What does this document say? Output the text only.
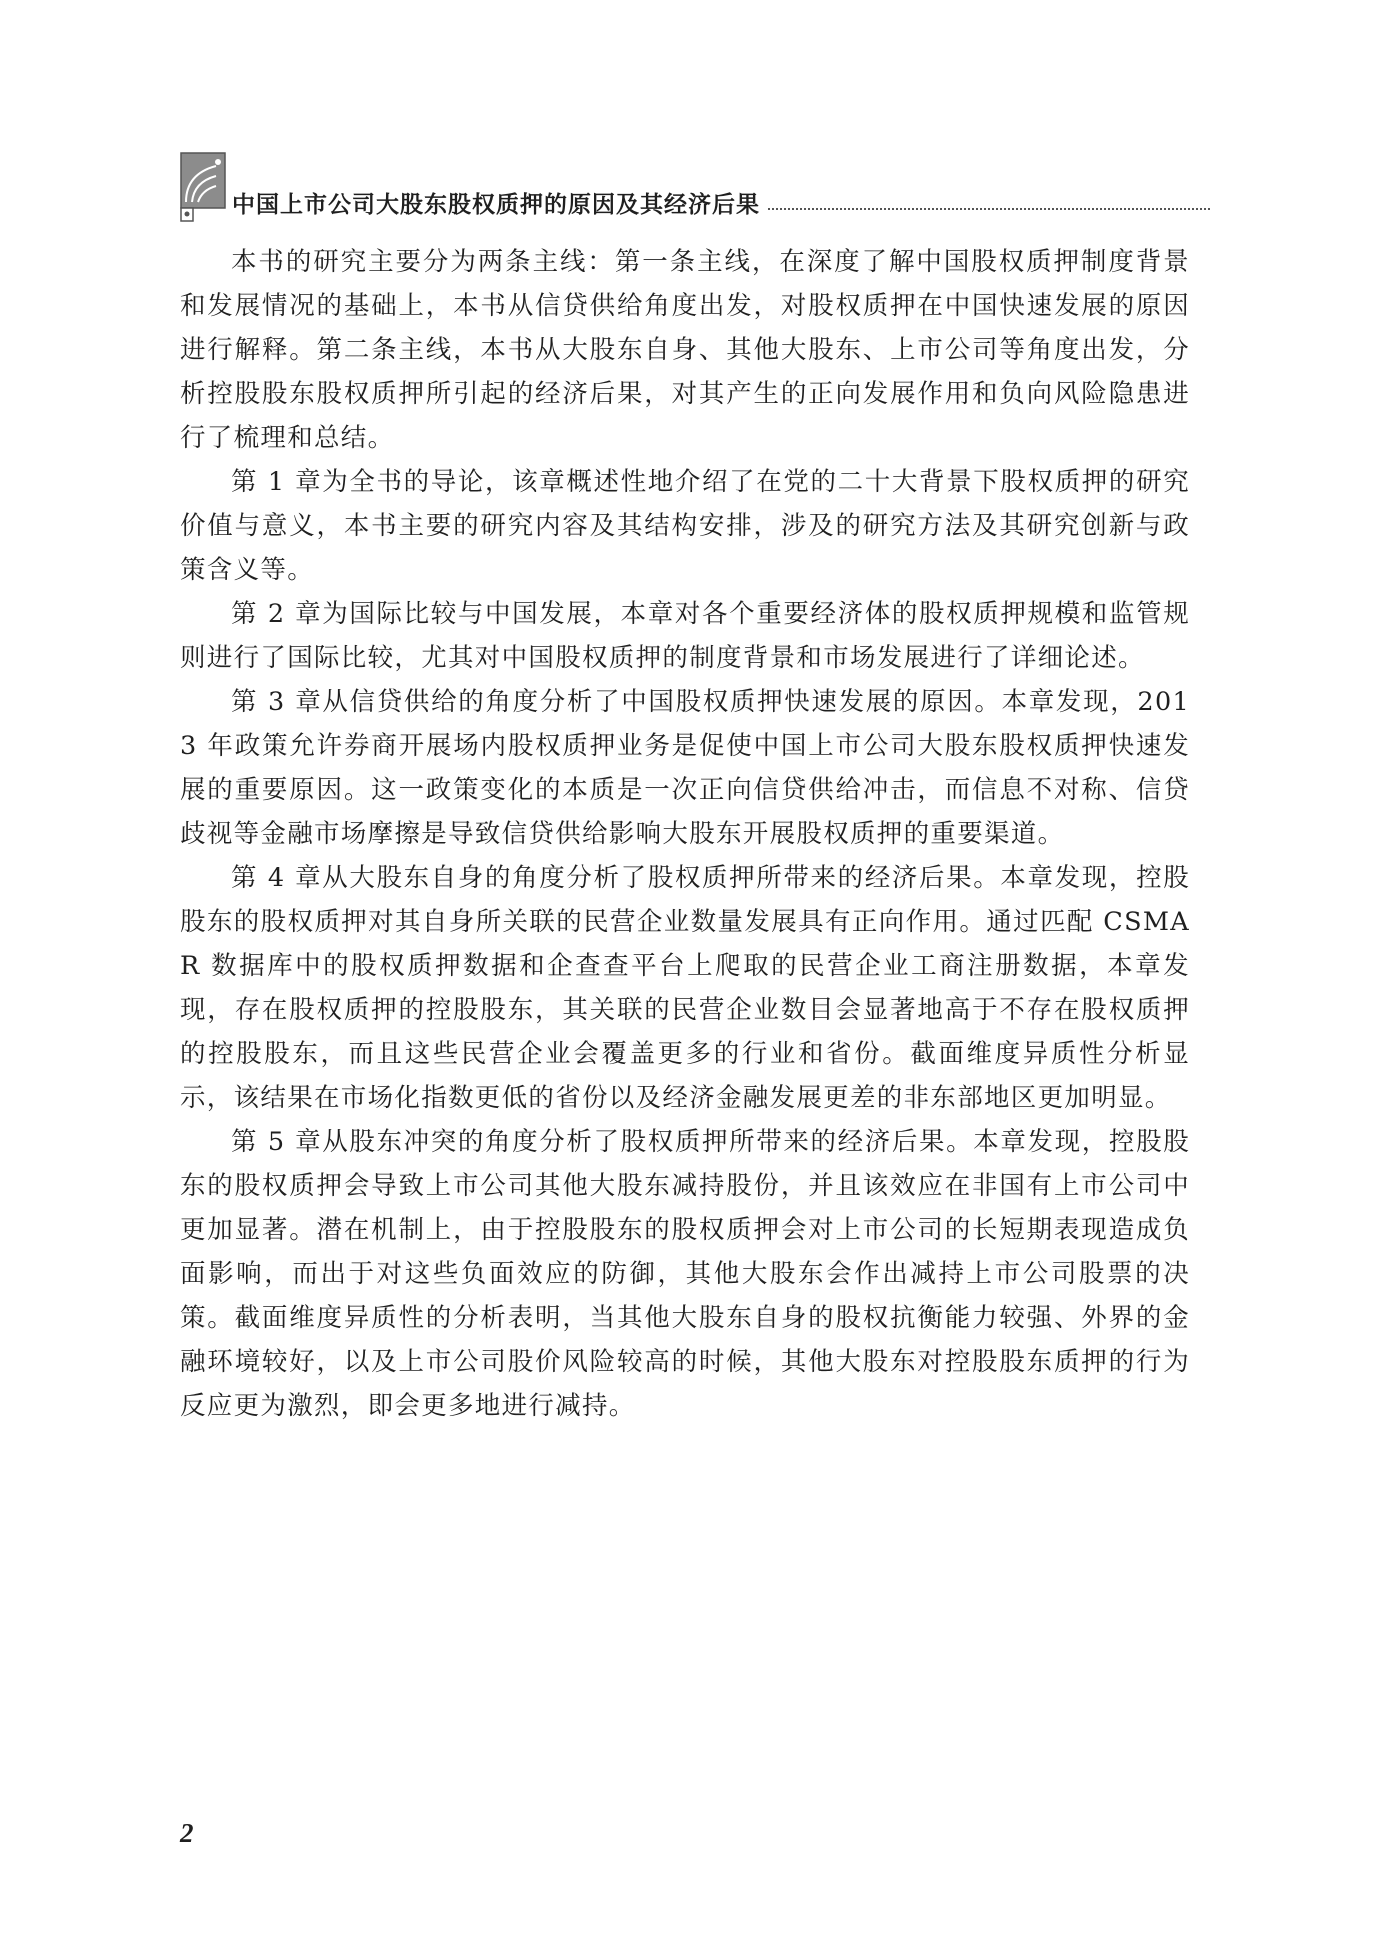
中国上市公司大股东股权质押的原因及其经济后果

本书的研究主要分为两条主线：第一条主线，在深度了解中国股权质押制度背景和发展情况的基础上，本书从信贷供给角度出发，对股权质押在中国快速发展的原因进行解释。第二条主线，本书从大股东自身、其他大股东、上市公司等角度出发，分析控股股东股权质押所引起的经济后果，对其产生的正向发展作用和负向风险隐患进行了梳理和总结。

第 1 章为全书的导论，该章概述性地介绍了在党的二十大背景下股权质押的研究价值与意义，本书主要的研究内容及其结构安排，涉及的研究方法及其研究创新与政策含义等。

第 2 章为国际比较与中国发展，本章对各个重要经济体的股权质押规模和监管规则进行了国际比较，尤其对中国股权质押的制度背景和市场发展进行了详细论述。

第 3 章从信贷供给的角度分析了中国股权质押快速发展的原因。本章发现，2013 年政策允许券商开展场内股权质押业务是促使中国上市公司大股东股权质押快速发展的重要原因。这一政策变化的本质是一次正向信贷供给冲击，而信息不对称、信贷歧视等金融市场摩擦是导致信贷供给影响大股东开展股权质押的重要渠道。

第 4 章从大股东自身的角度分析了股权质押所带来的经济后果。本章发现，控股股东的股权质押对其自身所关联的民营企业数量发展具有正向作用。通过匹配 CSMAR 数据库中的股权质押数据和企查查平台上爬取的民营企业工商注册数据，本章发现，存在股权质押的控股股东，其关联的民营企业数目会显著地高于不存在股权质押的控股股东，而且这些民营企业会覆盖更多的行业和省份。截面维度异质性分析显示，该结果在市场化指数更低的省份以及经济金融发展更差的非东部地区更加明显。

第 5 章从股东冲突的角度分析了股权质押所带来的经济后果。本章发现，控股股东的股权质押会导致上市公司其他大股东减持股份，并且该效应在非国有上市公司中更加显著。潜在机制上，由于控股股东的股权质押会对上市公司的长短期表现造成负面影响，而出于对这些负面效应的防御，其他大股东会作出减持上市公司股票的决策。截面维度异质性的分析表明，当其他大股东自身的股权抗衡能力较强、外界的金融环境较好，以及上市公司股价风险较高的时候，其他大股东对控股股东质押的行为反应更为激烈，即会更多地进行减持。

2
